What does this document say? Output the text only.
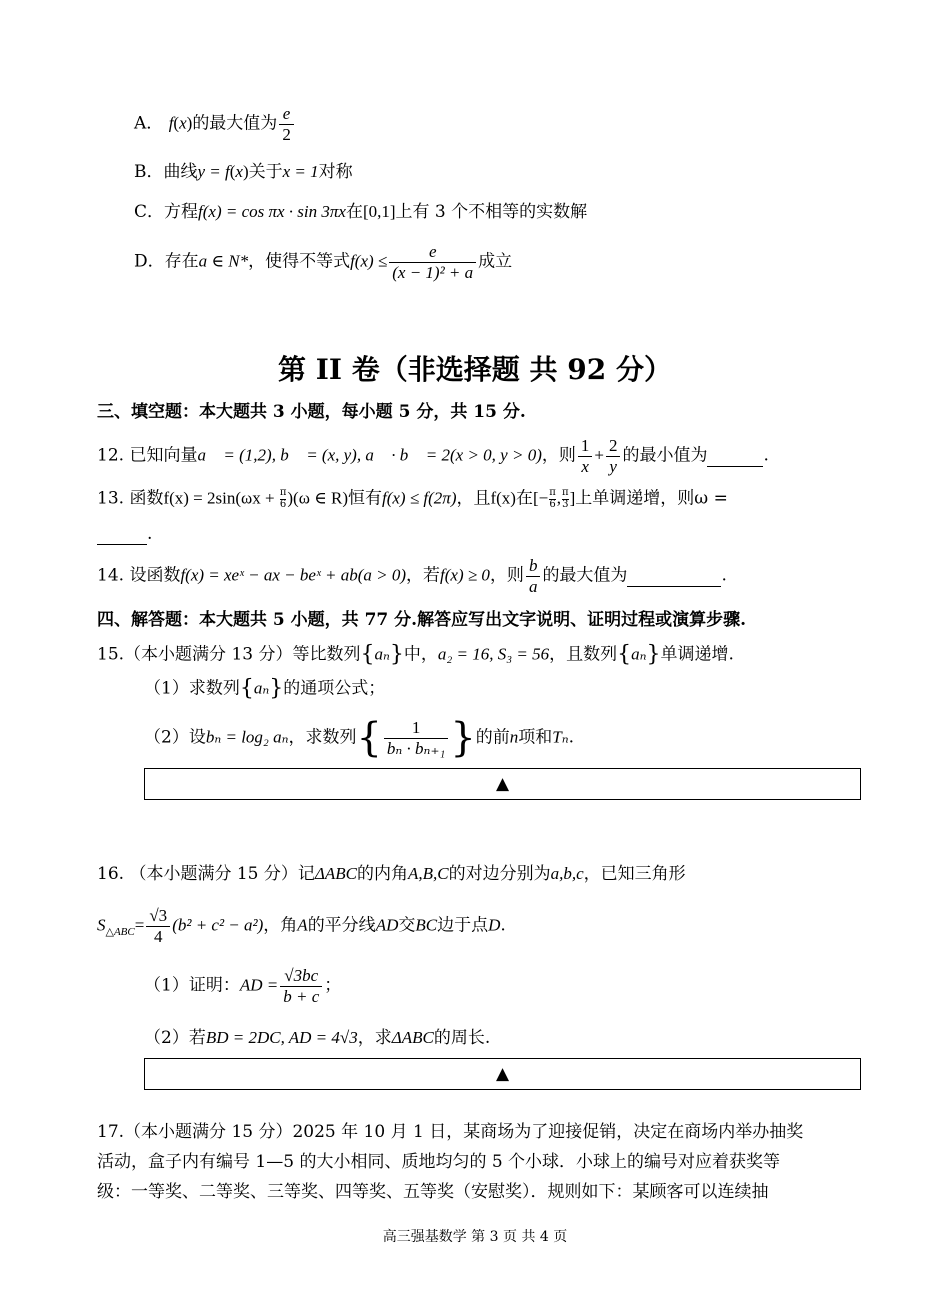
A． f(x)的最大值为 $\frac{e}{2}$
B．曲线y = f(x)关于x = 1对称
C．方程f(x) = cos πx · sin 3πx在[0,1]上有 3 个不相等的实数解
D．存在a ∈ N*，使得不等式$f(x) \le \frac{e}{\text{(x − 1)² + a}}$ 成立
第 II 卷（非选择题 共 92 分）
三、填空题：本大题共 3 小题，每小题 5 分，共 15 分.
12. 已知向量a⃗ = (1,2), b⃗ = (x, y), a⃗ · b⃗ = 2(x > 0, y > 0)，则 $\frac{1}{x} + \frac{2}{y}$ 的最小值为	.
13. 函数$f(x) = 2\sin(\omega x + \frac{\pi}{6} )(\omega$ ∈ R)恒有f(x) ≤ f(2π)，且f(x)在[− $\frac{\pi}{6}$ , $\frac{\pi}{3}$ ]上单调递增，则ω =
.
14. 设函数f(x) = xeˣ − ax − beˣ + ab(a > 0)，若f(x) ≥ 0，则 $\frac{b}{a}$ 的最大值为	.
四、解答题：本大题共 5 小题，共 77 分.解答应写出文字说明、证明过程或演算步骤.
15.（本小题满分 13 分）等比数列{aₙ}中，a₂ = 16, S₃ = 56，且数列{aₙ}单调递增.
（1）求数列{aₙ}的通项公式；
（2）设bₙ = log₂ aₙ，求数列{ $\frac{1}{\text{bₙ · bₙ₊₁}}$ }的前n项和Tₙ.
▲
16. （本小题满分 15 分）记ΔABC的内角A,B,C的对边分别为a,b,c，已知三角形
$S_{\triangle ABC}= \frac{√3}{4} (b^2 + c^2 - a^2)$，角A的平分线AD交BC边于点D.
（1）证明：AD = $\frac{√3bc}{b + c}$ ；
（2）若BD = 2DC, AD = 4√3，求ΔABC的周长.
▲
17.（本小题满分 15 分）2025 年 10 月 1 日，某商场为了迎接促销，决定在商场内举办抽奖
活动，盒子内有编号 1—5 的大小相同、质地均匀的 5 个小球．小球上的编号对应着获奖等
级：一等奖、二等奖、三等奖、四等奖、五等奖（安慰奖）．规则如下：某顾客可以连续抽
高三强基数学 第 3 页 共 4 页
